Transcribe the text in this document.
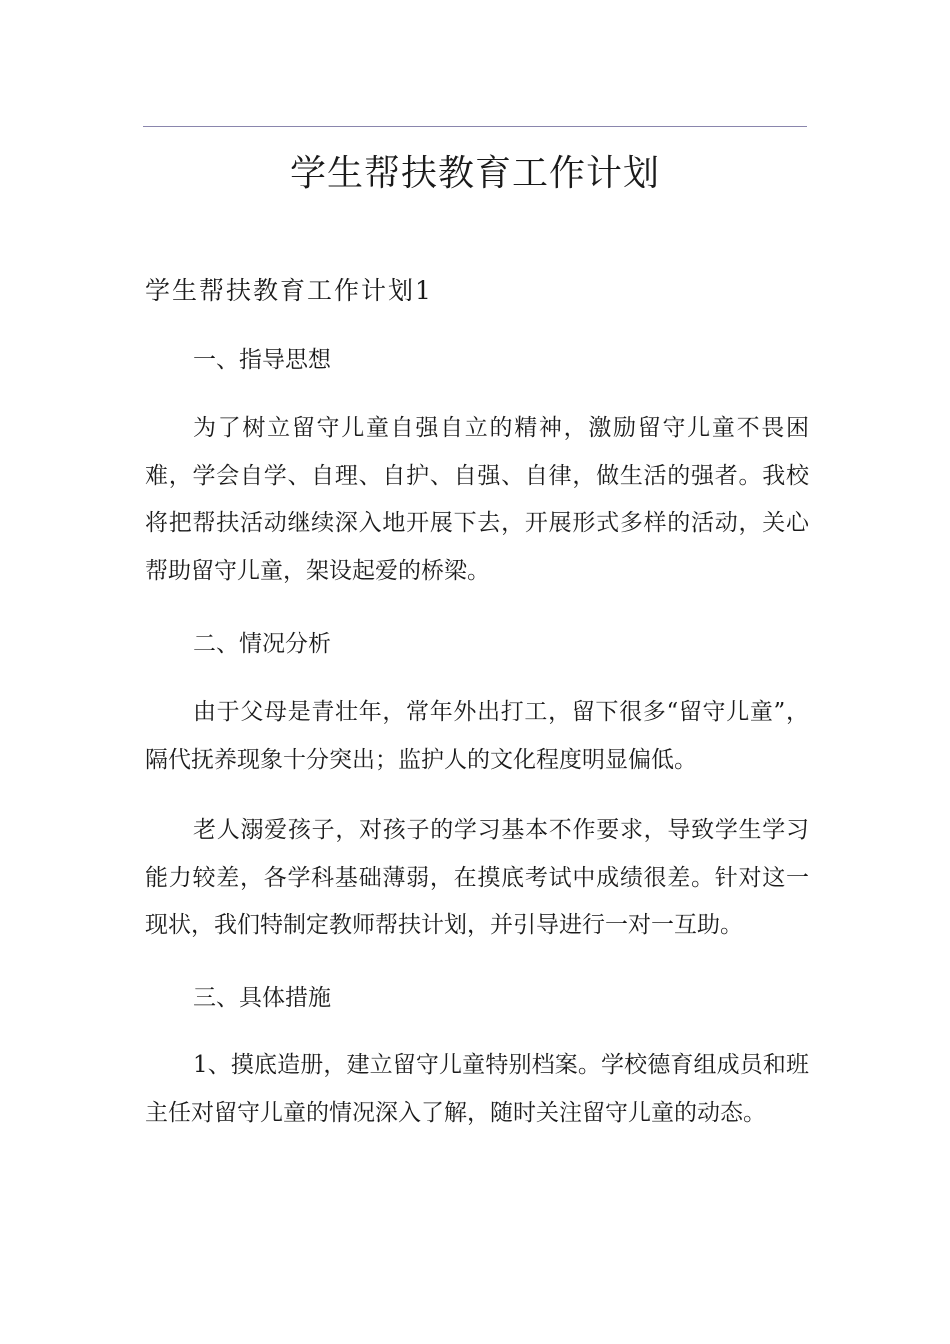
学生帮扶教育工作计划
学生帮扶教育工作计划1
一、指导思想
为了树立留守儿童自强自立的精神，激励留守儿童不畏困难，学会自学、自理、自护、自强、自律，做生活的强者。我校将把帮扶活动继续深入地开展下去，开展形式多样的活动，关心帮助留守儿童，架设起爱的桥梁。
二、情况分析
由于父母是青壮年，常年外出打工，留下很多“留守儿童”，隔代抚养现象十分突出；监护人的文化程度明显偏低。
老人溺爱孩子，对孩子的学习基本不作要求，导致学生学习能力较差，各学科基础薄弱，在摸底考试中成绩很差。针对这一现状，我们特制定教师帮扶计划，并引导进行一对一互助。
三、具体措施
1、摸底造册，建立留守儿童特别档案。学校德育组成员和班主任对留守儿童的情况深入了解，随时关注留守儿童的动态。
